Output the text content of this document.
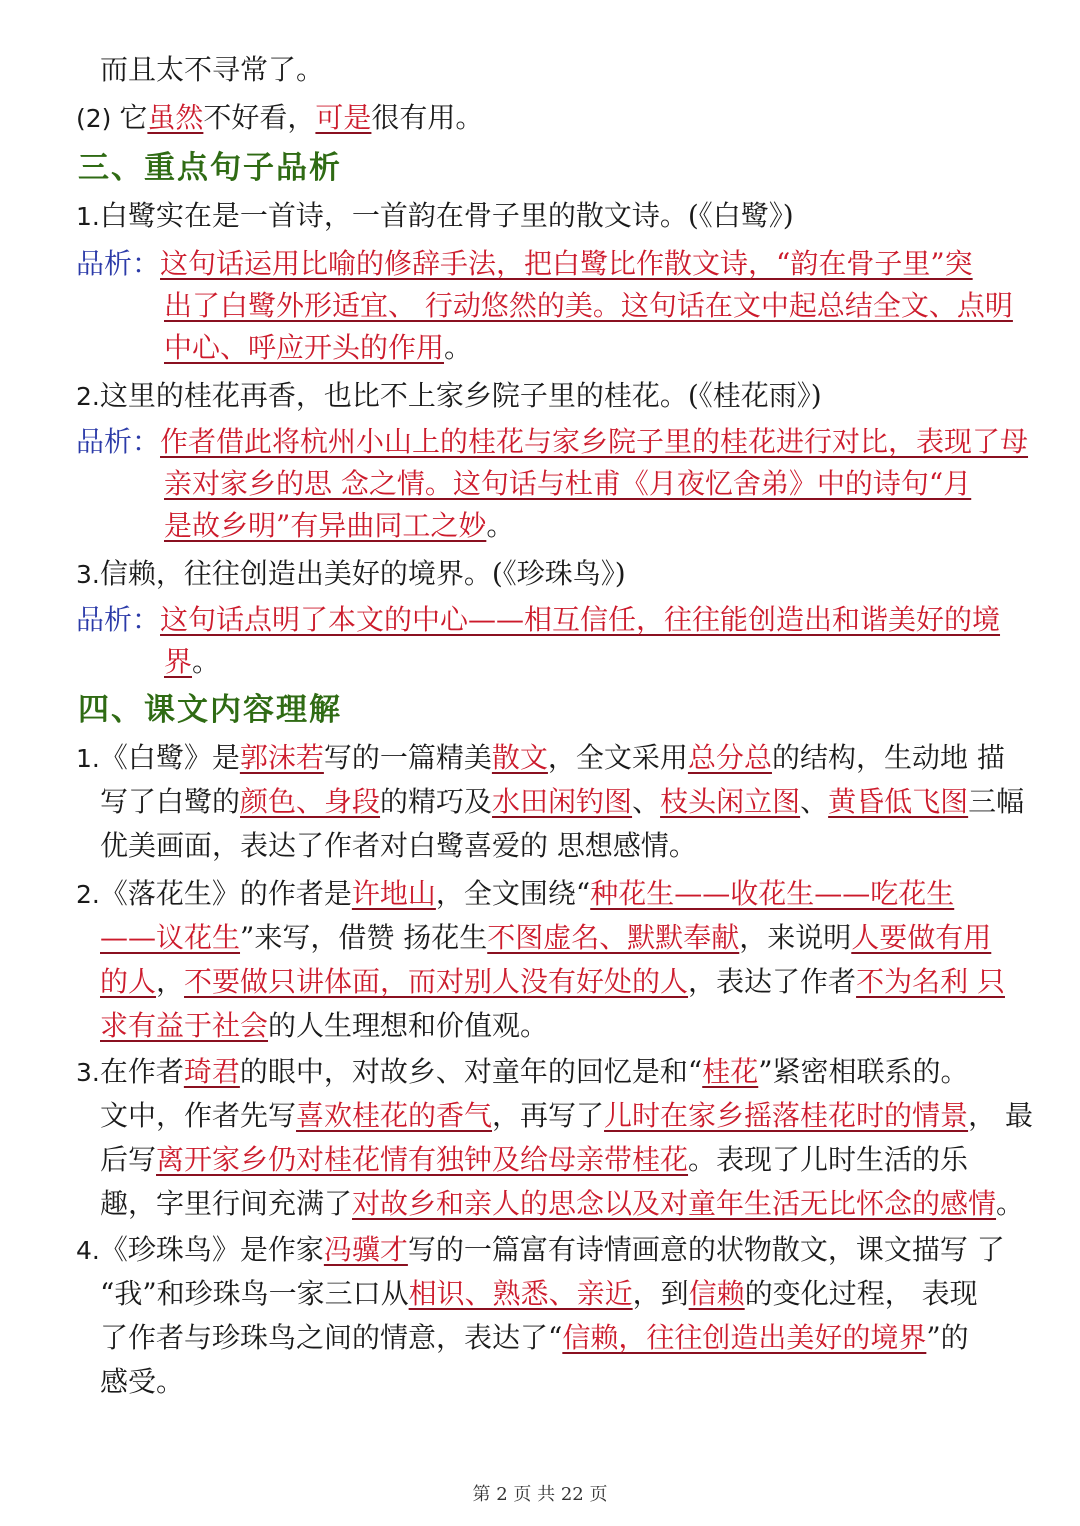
三、重点句子品析
四、课文内容理解
而且太不寻常了。
(2) 它虽然不好看，可是很有用。
1.白鹭实在是一首诗，一首韵在骨子里的散文诗。(《白鹭》)
品析：这句话运用比喻的修辞手法，把白鹭比作散文诗，“韵在骨子里”突
出了白鹭外形适宜、 行动悠然的美。这句话在文中起总结全文、点明
中心、呼应开头的作用。
2.这里的桂花再香，也比不上家乡院子里的桂花。(《桂花雨》)
品析：作者借此将杭州小山上的桂花与家乡院子里的桂花进行对比，表现了母
亲对家乡的思 念之情。这句话与杜甫《月夜忆舍弟》中的诗句“月
是故乡明”有异曲同工之妙。
3.信赖，往往创造出美好的境界。(《珍珠鸟》)
品析：这句话点明了本文的中心——相互信任，往往能创造出和谐美好的境
界。
1.《白鹭》是郭沫若写的一篇精美散文，全文采用总分总的结构，生动地 描
写了白鹭的颜色、身段的精巧及水田闲钓图、枝头闲立图、黄昏低飞图三幅
优美画面，表达了作者对白鹭喜爱的 思想感情。
2.《落花生》的作者是许地山，全文围绕“种花生——收花生——吃花生
——议花生”来写，借赞 扬花生不图虚名、默默奉献，来说明人要做有用
的人，不要做只讲体面，而对别人没有好处的人，表达了作者不为名利 只
求有益于社会的人生理想和价值观。
3.在作者琦君的眼中，对故乡、对童年的回忆是和“桂花”紧密相联系的。
文中，作者先写喜欢桂花的香气，再写了儿时在家乡摇落桂花时的情景， 最
后写离开家乡仍对桂花情有独钟及给母亲带桂花。表现了儿时生活的乐
趣，字里行间充满了对故乡和亲人的思念以及对童年生活无比怀念的感情。
4.《珍珠鸟》是作家冯骥才写的一篇富有诗情画意的状物散文，课文描写 了
“我”和珍珠鸟一家三口从相识、熟悉、亲近，到信赖的变化过程， 表现
了作者与珍珠鸟之间的情意，表达了“信赖，往往创造出美好的境界”的
感受。
第 2 页 共 22 页
